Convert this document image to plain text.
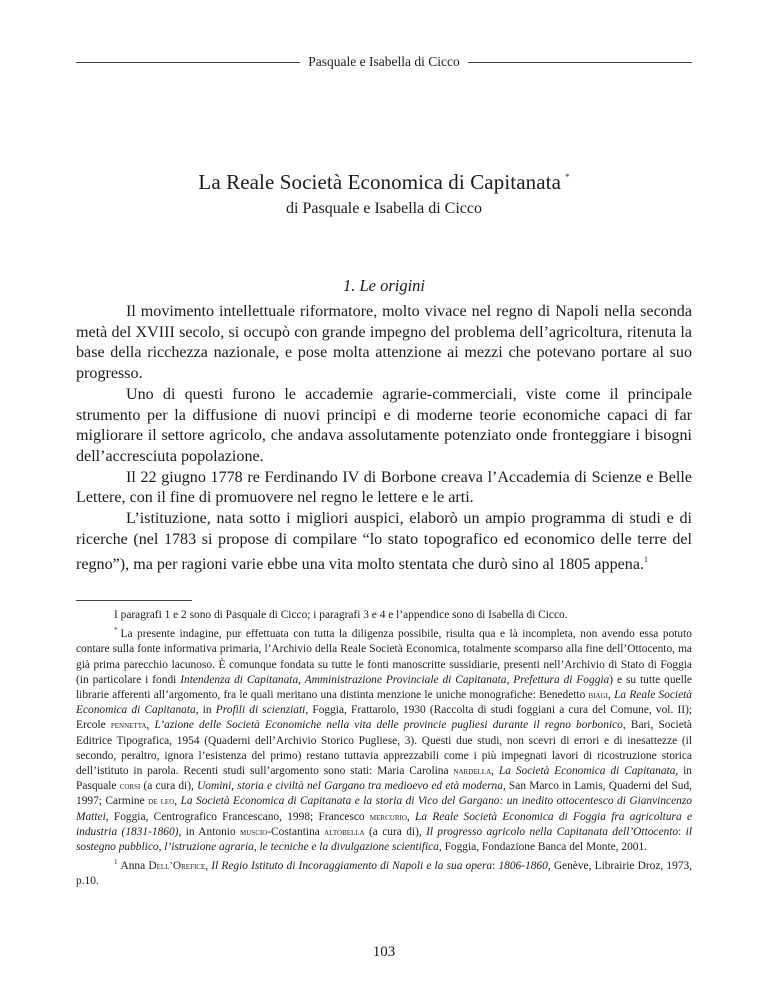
Pasquale e Isabella di Cicco
La Reale Società Economica di Capitanata *
di Pasquale e Isabella di Cicco
1. Le origini

Il movimento intellettuale riformatore, molto vivace nel regno di Napoli nella seconda metà del XVIII secolo, si occupò con grande impegno del problema dell’agricoltura, ritenuta la base della ricchezza nazionale, e pose molta attenzione ai mezzi che potevano portare al suo progresso.

Uno di questi furono le accademie agrarie-commerciali, viste come il principale strumento per la diffusione di nuovi principi e di moderne teorie economiche capaci di far migliorare il settore agricolo, che andava assolutamente potenziato onde fronteggiare i bisogni dell’accresciuta popolazione.

Il 22 giugno 1778 re Ferdinando IV di Borbone creava l’Accademia di Scienze e Belle Lettere, con il fine di promuovere nel regno le lettere e le arti.

L’istituzione, nata sotto i migliori auspici, elaborò un ampio programma di studi e di ricerche (nel 1783 si propose di compilare “lo stato topografico ed economico delle terre del regno”), ma per ragioni varie ebbe una vita molto stentata che durò sino al 1805 appena.$^1$

I paragrafi 1 e 2 sono di Pasquale di Cicco; i paragrafi 3 e 4 e l’appendice sono di Isabella di Cicco.

* La presente indagine, pur effettuata con tutta la diligenza possibile, risulta qua e là incompleta, non avendo essa potuto contare sulla fonte informativa primaria, l’Archivio della Reale Società Economica, totalmente scomparso alla fine dell’Ottocento, ma già prima parecchio lacunoso. È comunque fondata su tutte le fonti manoscritte sussidiarie, presenti nell’Archivio di Stato di Foggia (in particolare i fondi Intendenza di Capitanata, Amministrazione Provinciale di Capitanata, Prefettura di Foggia) e su tutte quelle librarie afferenti all’argomento, fra le quali meritano una distinta menzione le uniche monografiche: Benedetto biagi, La Reale Società Economica di Capitanata, in Profili di scienziati, Foggia, Frattarolo, 1930 (Raccolta di studi foggiani a cura del Comune, vol. II); Ercole pennetta, L’azione delle Società Economiche nella vita delle provincie pugliesi durante il regno borbonico, Bari, Società Editrice Tipografica, 1954 (Quaderni dell’Archivio Storico Pugliese, 3). Questi due studi, non scevri di errori e di inesattezze (il secondo, peraltro, ignora l’esistenza del primo) restano tuttavia apprezzabili come i più impegnati lavori di ricostruzione storica dell’istituto in parola. Recenti studi sull’argomento sono stati: Maria Carolina nardella, La Società Economica di Capitanata, in Pasquale corsi (a cura di), Uomini, storia e civiltà nel Gargano tra medioevo ed età moderna, San Marco in Lamis, Quaderni del Sud, 1997; Carmine de leo, La Società Economica di Capitanata e la storia di Vico del Gargano: un inedito ottocentesco di Gianvincenzo Mattei, Foggia, Centrografico Francescano, 1998; Francesco mercurio, La Reale Società Economica di Foggia fra agricoltura e industria (1831-1860), in Antonio muscio-Costantina altobella (a cura di), Il progresso agricolo nella Capitanata dell’Ottocento: il sostegno pubblico, l’istruzione agraria, le tecniche e la divulgazione scientifica, Foggia, Fondazione Banca del Monte, 2001.

$^1$ Anna Dell’Orefice, Il Regio Istituto di Incoraggiamento di Napoli e la sua opera: 1806-1860, Genève, Librairie Droz, 1973, p.10.

103
